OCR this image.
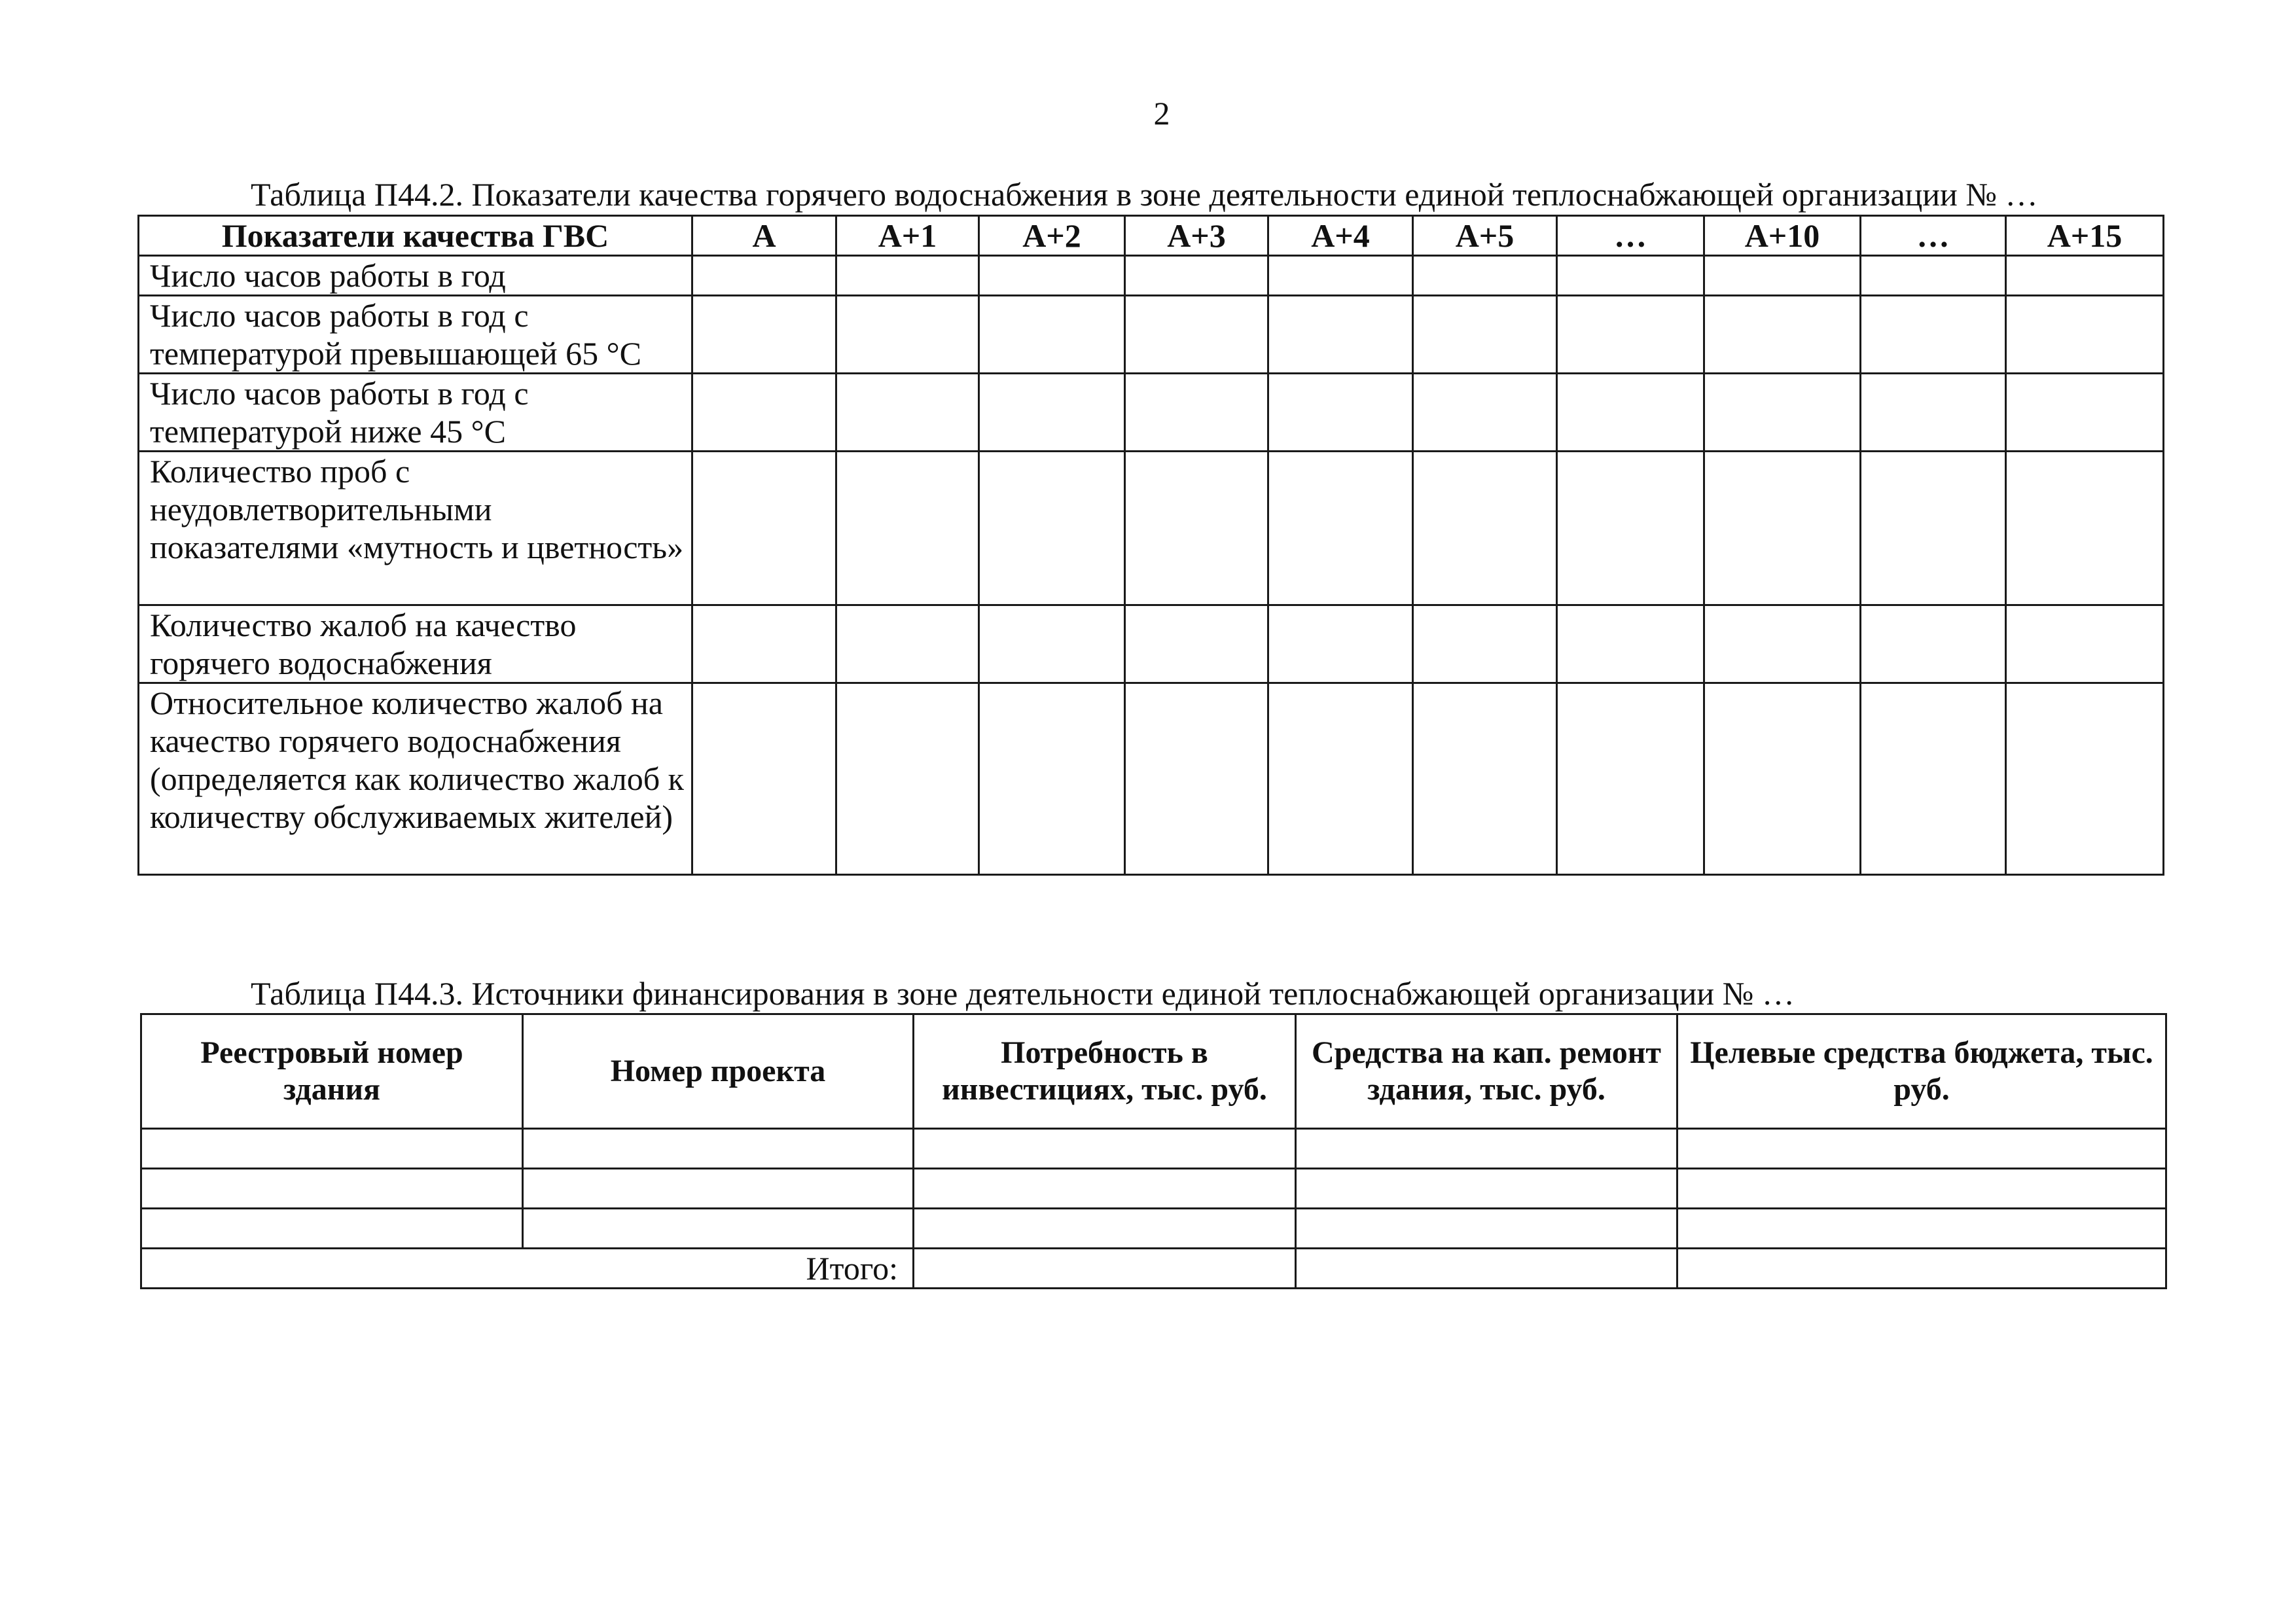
2
Таблица П44.2. Показатели качества горячего водоснабжения в зоне деятельности единой теплоснабжающей организации № …
Показатели качества ГВС	А	А+1	А+2	А+3	А+4	А+5	…	А+10	…	А+15
Число часов работы в год										
Число часов работы в год с температурой превышающей 65 °С										
Число часов работы в год с температурой ниже 45 °С										
Количество проб с неудовлетворительными показателями «мутность и цветность»										
Количество жалоб на качество горячего водоснабжения										
Относительное количество жалоб на качество горячего водоснабжения (определяется как количество жалоб к количеству обслуживаемых жителей)										
Таблица П44.3. Источники финансирования в зоне деятельности единой теплоснабжающей организации № …
Реестровый номер здания	Номер проекта	Потребность в инвестициях, тыс. руб.	Средства на кап. ремонт здания, тыс. руб.	Целевые средства бюджета, тыс. руб.

Итого:				
